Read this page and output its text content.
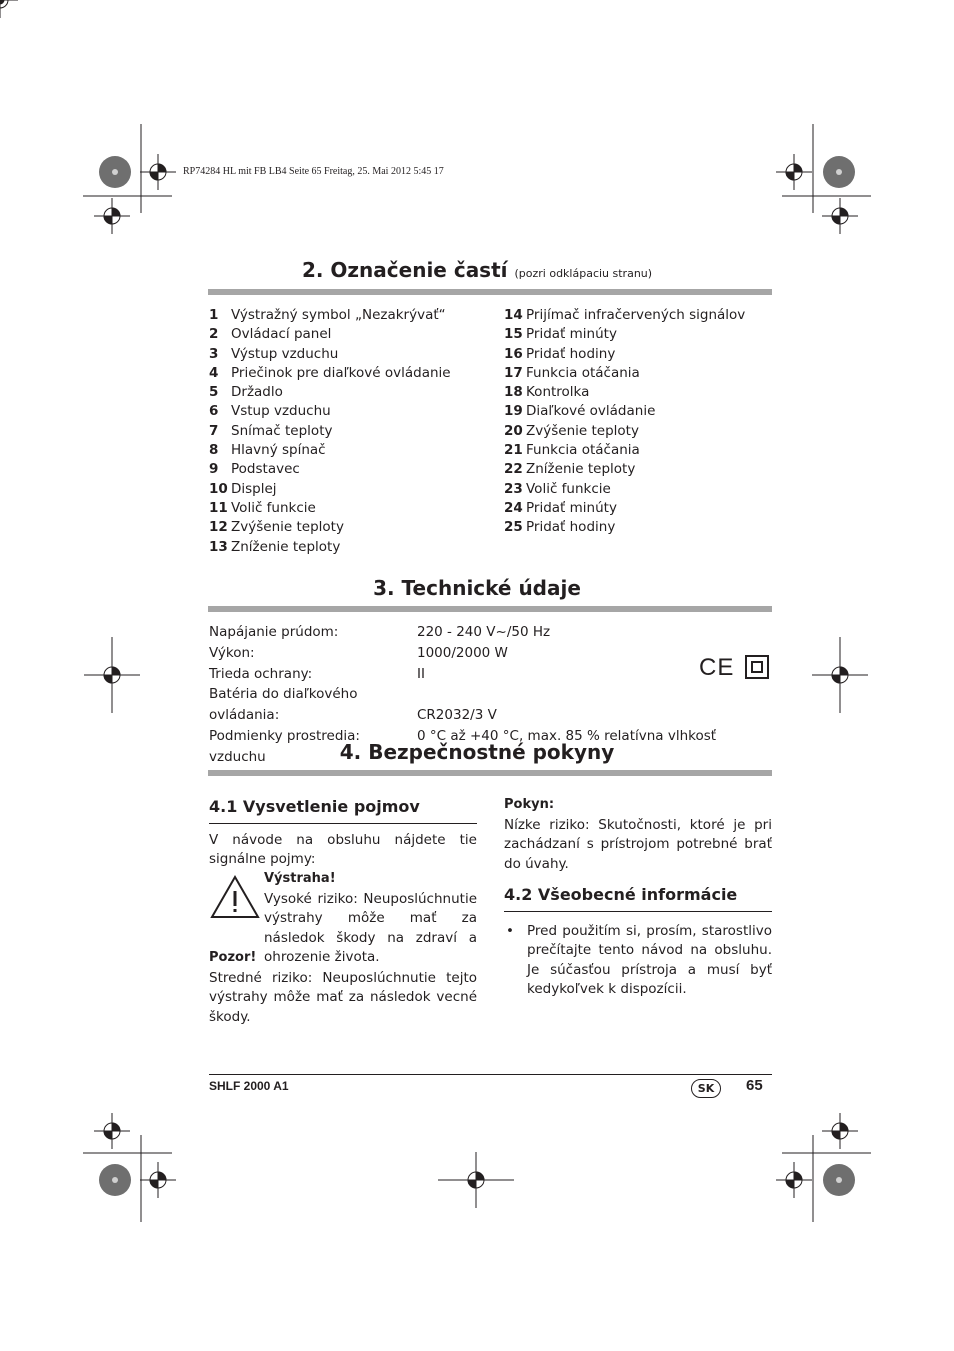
RP74284 HL mit FB LB4 Seite 65 Freitag, 25. Mai 2012 5:45 17
2. Označenie častí (pozri odklápaciu stranu)
1 Výstražný symbol „Nezakrývať“
2 Ovládací panel
3 Výstup vzduchu
4 Priečinok pre diaľkové ovládanie
5 Držadlo
6 Vstup vzduchu
7 Snímač teploty
8 Hlavný spínač
9 Podstavec
10 Displej
11 Volič funkcie
12 Zvýšenie teploty
13 Zníženie teploty
14 Prijímač infračervených signálov
15 Pridať minúty
16 Pridať hodiny
17 Funkcia otáčania
18 Kontrolka
19 Diaľkové ovládanie
20 Zvýšenie teploty
21 Funkcia otáčania
22 Zníženie teploty
23 Volič funkcie
24 Pridať minúty
25 Pridať hodiny
3. Technické údaje
Napájanie prúdom:	220 - 240 V~/50 Hz
Výkon:	1000/2000 W
Trieda ochrany:	II
Batéria do diaľkového ovládania:	CR2032/3 V
Podmienky prostredia:	0 °C až +40 °C, max. 85 % relatívna vlhkosť vzduchu
CE
4. Bezpečnostné pokyny
4.1 Vysvetlenie pojmov
V návode na obsluhu nájdete tie signálne pojmy:
Výstraha!
Vysoké riziko: Neuposlúchnutie výstrahy môže mať za následok škody na zdraví a ohrozenie života.
Pozor!
Stredné riziko: Neuposlúchnutie tejto výstrahy môže mať za následok vecné škody.
Pokyn:
Nízke riziko: Skutočnosti, ktoré je pri zachádzaní s prístrojom potrebné brať do úvahy.
4.2 Všeobecné informácie
• Pred použitím si, prosím, starostlivo prečítajte tento návod na obsluhu. Je súčasťou prístroja a musí byť kedykoľvek k dispozícii.
SHLF 2000 A1	SK	65
